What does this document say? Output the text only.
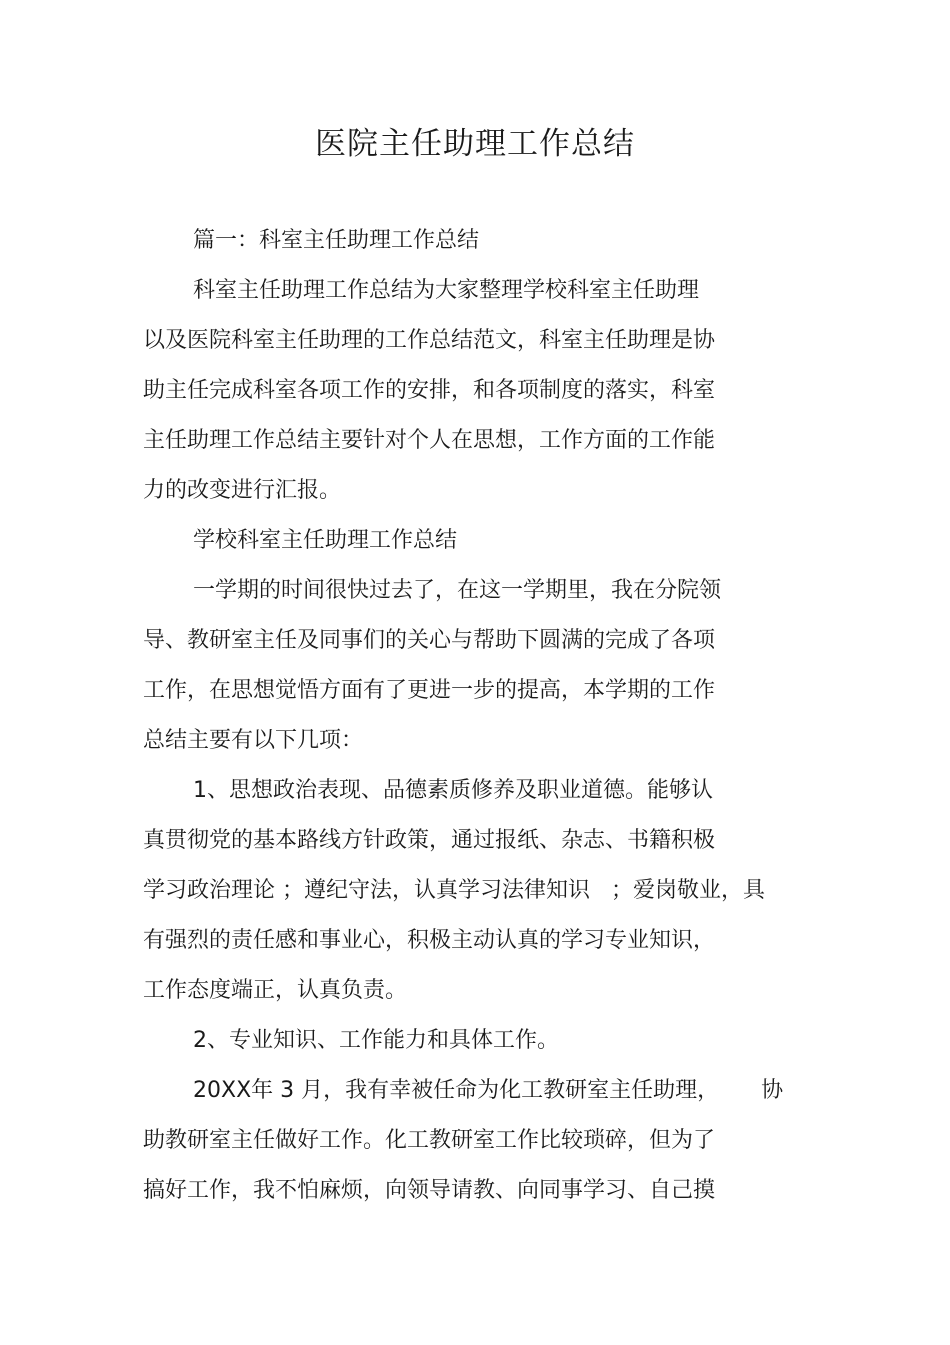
医院主任助理工作总结

篇一：科室主任助理工作总结

科室主任助理工作总结为大家整理学校科室主任助理

以及医院科室主任助理的工作总结范文，科室主任助理是协

助主任完成科室各项工作的安排，和各项制度的落实，科室

主任助理工作总结主要针对个人在思想，工作方面的工作能

力的改变进行汇报。

学校科室主任助理工作总结

一学期的时间很快过去了，在这一学期里，我在分院领

导、教研室主任及同事们的关心与帮助下圆满的完成了各项

工作，在思想觉悟方面有了更进一步的提高，本学期的工作

总结主要有以下几项：

1、思想政治表现、品德素质修养及职业道德。能够认

真贯彻党的基本路线方针政策，通过报纸、杂志、书籍积极

学习政治理论 ；遵纪守法，认真学习法律知识   ；爱岗敬业，具

有强烈的责任感和事业心，积极主动认真的学习专业知识，

工作态度端正，认真负责。

2、专业知识、工作能力和具体工作。

20XX年 3 月，我有幸被任命为化工教研室主任助理，      协

助教研室主任做好工作。化工教研室工作比较琐碎，但为了

搞好工作，我不怕麻烦，向领导请教、向同事学习、自己摸
